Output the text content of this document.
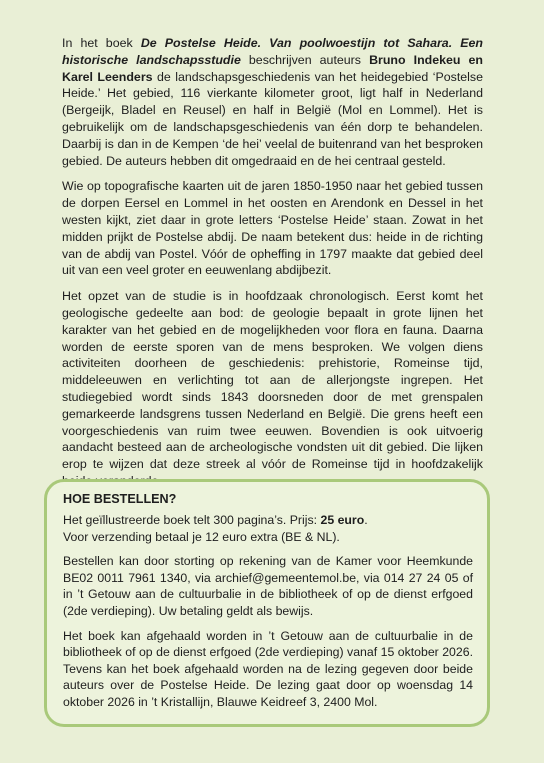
In het boek De Postelse Heide. Van poolwoestijn tot Sahara. Een historische landschapsstudie beschrijven auteurs Bruno Indekeu en Karel Leenders de landschapsgeschiedenis van het heidegebied ‘Postelse Heide.’ Het gebied, 116 vierkante kilometer groot, ligt half in Nederland (Bergeijk, Bladel en Reusel) en half in België (Mol en Lommel). Het is gebruikelijk om de landschapsgeschiedenis van één dorp te behandelen. Daarbij is dan in de Kempen ‘de hei’ veelal de buitenrand van het besproken gebied. De auteurs hebben dit omgedraaid en de hei centraal gesteld.

Wie op topografische kaarten uit de jaren 1850-1950 naar het gebied tussen de dorpen Eersel en Lommel in het oosten en Arendonk en Dessel in het westen kijkt, ziet daar in grote letters ‘Postelse Heide’ staan. Zowat in het midden prijkt de Postelse abdij. De naam betekent dus: heide in de richting van de abdij van Postel. Vóór de opheffing in 1797 maakte dat gebied deel uit van een veel groter en eeuwenlang abdijbezit.

Het opzet van de studie is in hoofdzaak chronologisch. Eerst komt het geologische gedeelte aan bod: de geologie bepaalt in grote lijnen het karakter van het gebied en de mogelijkheden voor flora en fauna. Daarna worden de eerste sporen van de mens besproken. We volgen diens activiteiten doorheen de geschiedenis: prehistorie, Romeinse tijd, middeleeuwen en verlichting tot aan de allerjongste ingrepen. Het studiegebied wordt sinds 1843 doorsneden door de met grenspalen gemarkeerde landsgrens tussen Nederland en België. Die grens heeft een voorgeschiedenis van ruim twee eeuwen. Bovendien is ook uitvoerig aandacht besteed aan de archeologische vondsten uit dit gebied. Die lijken erop te wijzen dat deze streek al vóór de Romeinse tijd in hoofdzakelijk

HOE BESTELLEN?

Het geïllustreerde boek telt 300 pagina’s. Prijs: 25 euro.

Voor verzending betaal je 12 euro extra (BE & NL).

Bestellen kan door storting op rekening van de Kamer voor Heemkunde BE02 0011 7961 1340, via archief@gemeentemol.be, via 014 27 24 05 of in ’t Getouw aan de cultuurbalie in de bibliotheek of op de dienst erfgoed (2de verdieping). Uw betaling geldt als bewijs.

Het boek kan afgehaald worden in ’t Getouw aan de cultuurbalie in de bibliotheek of op de dienst erfgoed (2de verdieping) vanaf 15 oktober 2026. Tevens kan het boek afgehaald worden na de lezing gegeven door beide auteurs over de Postelse Heide. De lezing gaat door op woensdag 14 oktober 2026 in ’t Kristallijn, Blauwe Keidreef 3, 2400 Mol.
